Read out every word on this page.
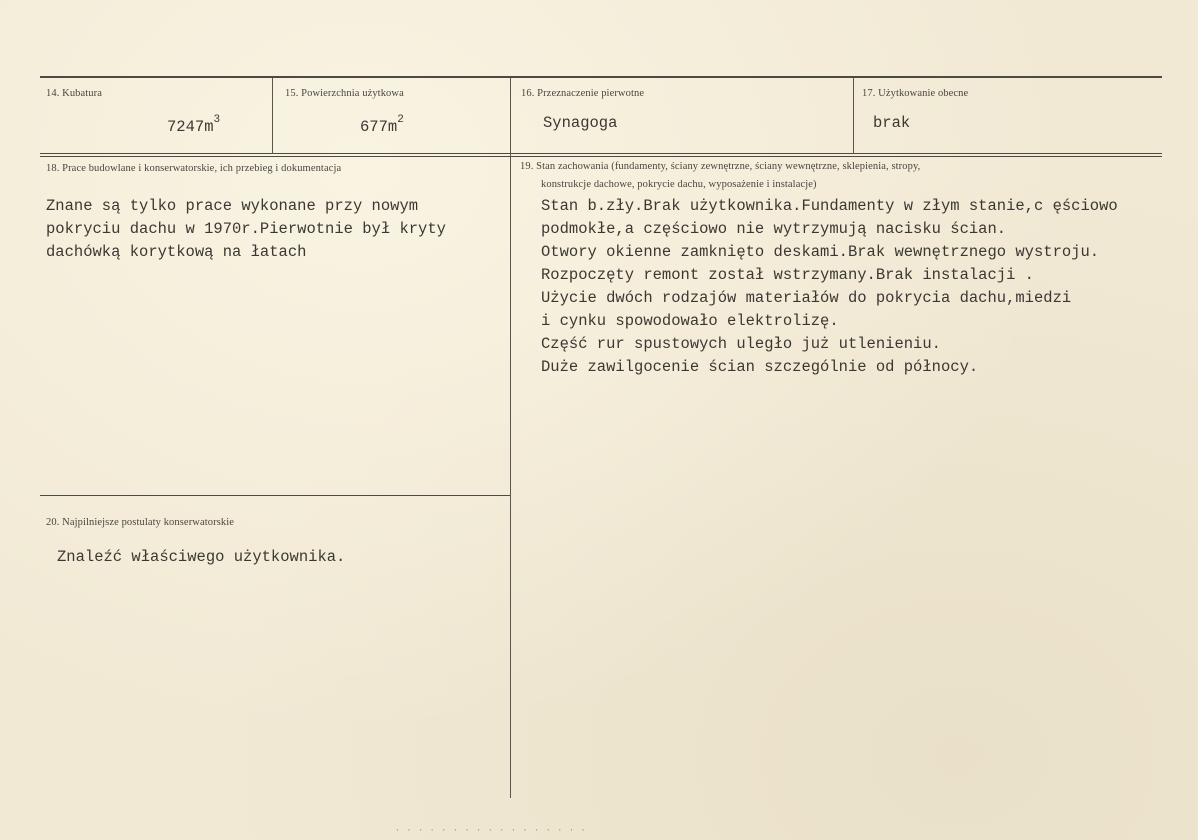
14. Kubatura
$7247m^3$
15. Powierzchnia użytkowa
$677m^2$
16. Przeznaczenie pierwotne
Synagoga
17. Użytkowanie obecne
brak
18. Prace budowlane i konserwatorskie, ich przebieg i dokumentacja
Znane są tylko prace wykonane przy nowym
pokryciu dachu w 1970r.Pierwotnie był kryty
dachówką korytkową na łatach
19. Stan zachowania (fundamenty, ściany zewnętrzne, ściany wewnętrzne, sklepienia, stropy,
konstrukcje dachowe, pokrycie dachu, wyposażenie i instalacje)
Stan b.zły.Brak użytkownika.Fundamenty w złym stanie,c ęściowo
podmokłe,a częściowo nie wytrzymują nacisku ścian.
Otwory okienne zamknięto deskami.Brak wewnętrznego wystroju.
Rozpoczęty remont został wstrzymany.Brak instalacji .
Użycie dwóch rodzajów materiałów do pokrycia dachu,miedzi
i cynku spowodowało elektrolizę.
Część rur spustowych uległo już utlenieniu.
Duże zawilgocenie ścian szczególnie od północy.
20. Najpilniejsze postulaty konserwatorskie
Znaleźć właściwego użytkownika.
· · · · · · · · · · · · · · · · ·
